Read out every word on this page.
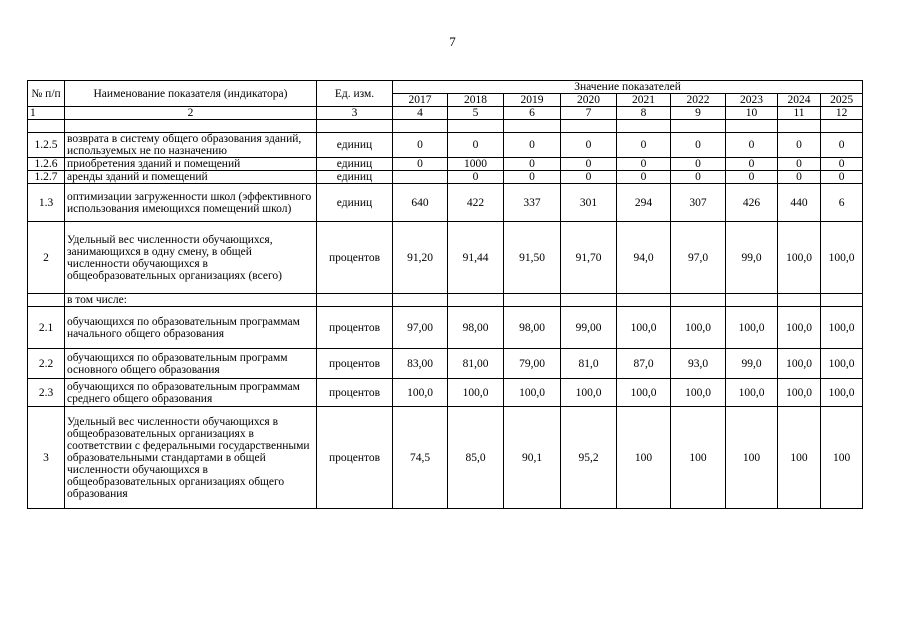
7
№ п/п	Наименование показателя (индикатора)	Ед. изм.	Значение показателей								
			2017	2018	2019	2020	2021	2022	2023	2024	2025
1	2	3	4	5	6	7	8	9	10	11	12

1.2.5	возврата в систему общего образования зданий, используемых не по назначению	единиц	0	0	0	0	0	0	0	0	0
1.2.6	приобретения зданий и помещений	единиц	0	1000	0	0	0	0	0	0	0
1.2.7	аренды зданий и помещений	единиц		0	0	0	0	0	0	0	0
1.3	оптимизации загруженности школ (эффективного использования имеющихся помещений школ)	единиц	640	422	337	301	294	307	426	440	6
2	Удельный вес численности обучающихся, занимающихся в одну смену, в общей численности обучающихся в общеобразовательных организациях (всего)	процентов	91,20	91,44	91,50	91,70	94,0	97,0	99,0	100,0	100,0
	в том числе:										
2.1	обучающихся по образовательным программам начального общего образования	процентов	97,00	98,00	98,00	99,00	100,0	100,0	100,0	100,0	100,0
2.2	обучающихся по образовательным программ основного общего образования	процентов	83,00	81,00	79,00	81,0	87,0	93,0	99,0	100,0	100,0
2.3	обучающихся по образовательным программам среднего общего образования	процентов	100,0	100,0	100,0	100,0	100,0	100,0	100,0	100,0	100,0
3	Удельный вес численности обучающихся в общеобразовательных организациях в соответствии с федеральными государственными образовательными стандартами в общей численности обучающихся в общеобразовательных организациях общего образования	процентов	74,5	85,0	90,1	95,2	100	100	100	100	100
